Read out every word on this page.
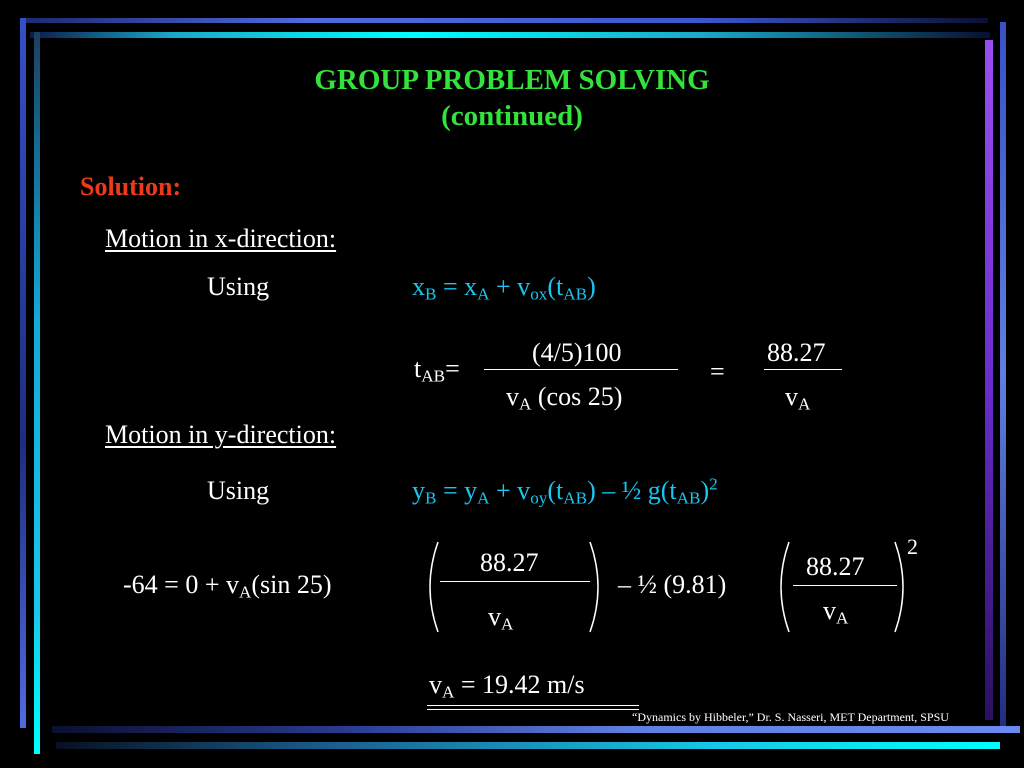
GROUP PROBLEM SOLVING
(continued)
Solution:
Motion in x-direction:
Using	$x_B = x_A + v_{ox}(t_{AB})$
$t_{AB}=$
(4/5)100
$v_A$ (cos 25)
=
88.27
$v_A$
Motion in y-direction:
Using	$y_B = y_A + v_{oy}(t_{AB})$ – ½ $g(t_{AB})^2$
$-64 = 0 + v_A(\sin$ 25)
88.27
$v_A$
– ½ (9.81)
88.27
$v_A$
2
$v_A = 19.42$ m/s
“Dynamics by Hibbeler,” Dr. S. Nasseri, MET Department, SPSU
